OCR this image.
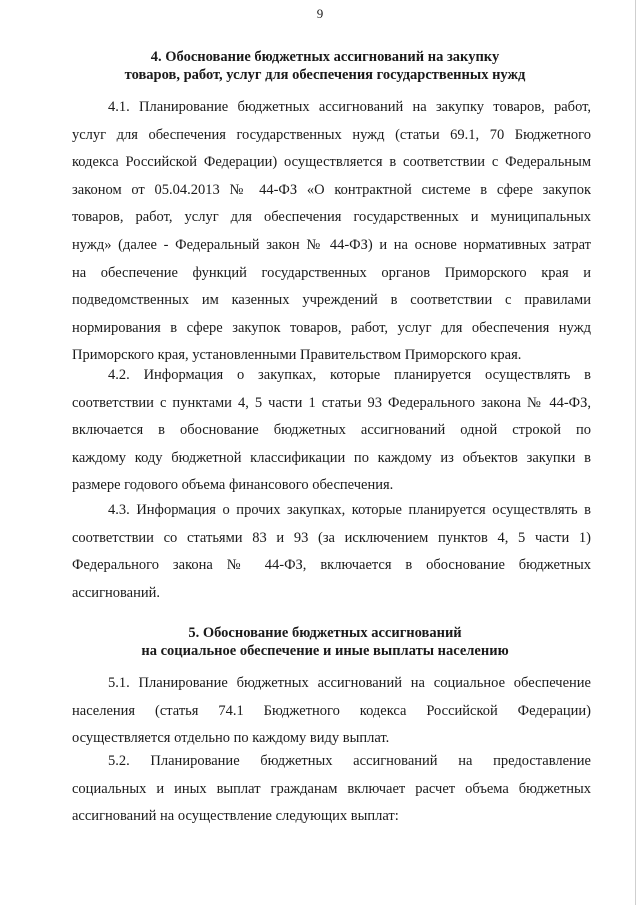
9
4. Обоснование бюджетных ассигнований на закупку
товаров, работ, услуг для обеспечения государственных нужд
4.1. Планирование бюджетных ассигнований на закупку товаров, работ,
услуг для обеспечения государственных нужд (статьи 69.1, 70 Бюджетного
кодекса Российской Федерации) осуществляется в соответствии с Федеральным
законом от 05.04.2013 № 44-ФЗ «О контрактной системе в сфере закупок
товаров, работ, услуг для обеспечения государственных и муниципальных
нужд» (далее - Федеральный закон № 44-ФЗ) и на основе нормативных затрат
на обеспечение функций государственных органов Приморского края и
подведомственных им казенных учреждений в соответствии с правилами
нормирования в сфере закупок товаров, работ, услуг для обеспечения нужд
Приморского края, установленными Правительством Приморского края.
4.2. Информация о закупках, которые планируется осуществлять в
соответствии с пунктами 4, 5 части 1 статьи 93 Федерального закона № 44-ФЗ,
включается в обоснование бюджетных ассигнований одной строкой по
каждому коду бюджетной классификации по каждому из объектов закупки в
размере годового объема финансового обеспечения.
4.3. Информация о прочих закупках, которые планируется осуществлять в
соответствии со статьями 83 и 93 (за исключением пунктов 4, 5 части 1)
Федерального закона № 44-ФЗ, включается в обоснование бюджетных
ассигнований.
5. Обоснование бюджетных ассигнований
на социальное обеспечение и иные выплаты населению
5.1. Планирование бюджетных ассигнований на социальное обеспечение
населения (статья 74.1 Бюджетного кодекса Российской Федерации)
осуществляется отдельно по каждому виду выплат.
5.2. Планирование бюджетных ассигнований на предоставление
социальных и иных выплат гражданам включает расчет объема бюджетных
ассигнований на осуществление следующих выплат:
